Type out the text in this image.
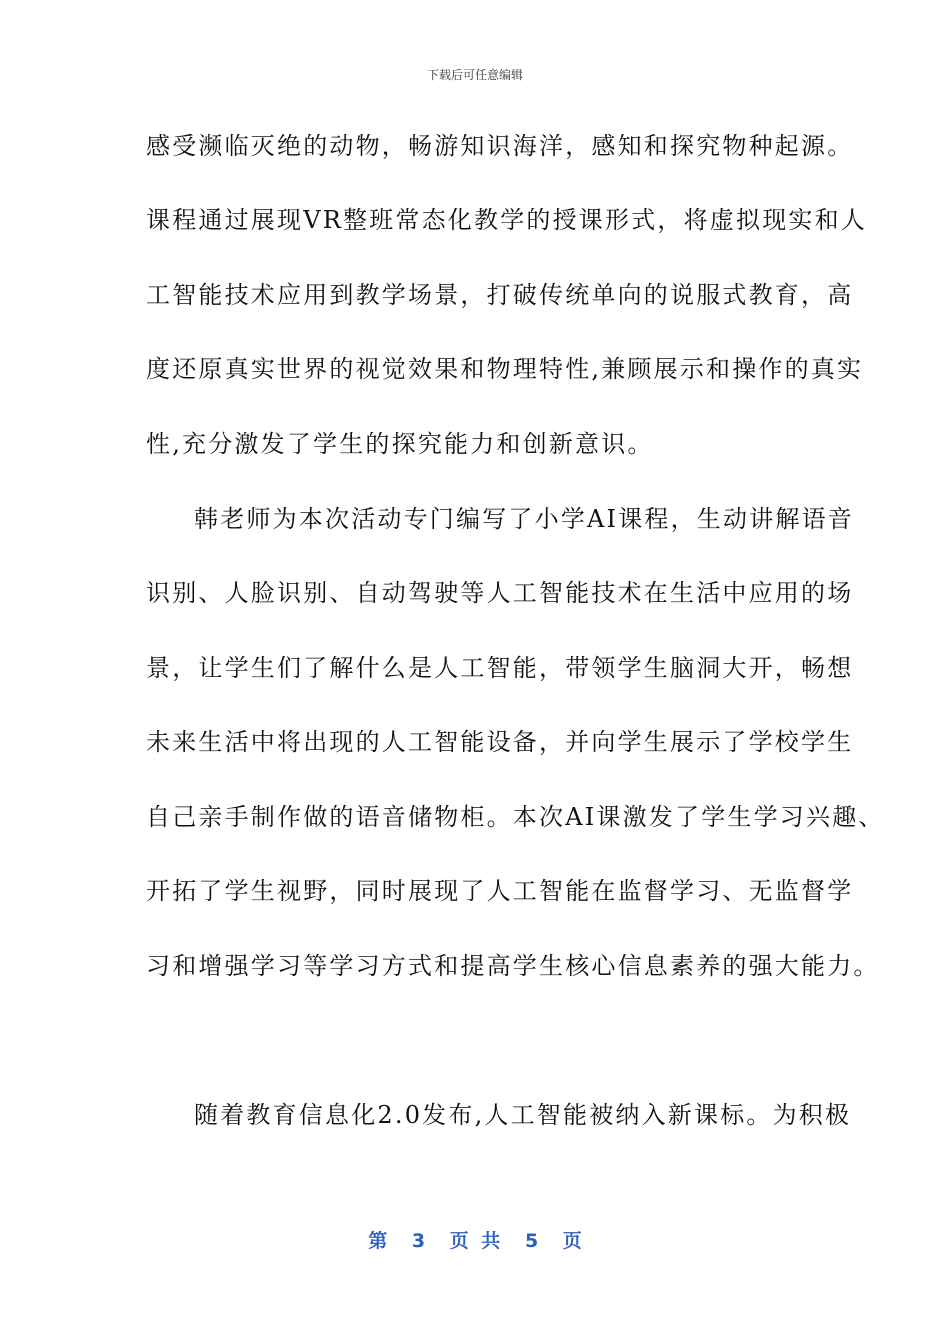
下载后可任意编辑
感受濒临灭绝的动物，畅游知识海洋，感知和探究物种起源。
课程通过展现VR整班常态化教学的授课形式，将虚拟现实和人
工智能技术应用到教学场景，打破传统单向的说服式教育，高
度还原真实世界的视觉效果和物理特性,兼顾展示和操作的真实
性,充分激发了学生的探究能力和创新意识。
韩老师为本次活动专门编写了小学AI课程，生动讲解语音
识别、人脸识别、自动驾驶等人工智能技术在生活中应用的场
景，让学生们了解什么是人工智能，带领学生脑洞大开，畅想
未来生活中将出现的人工智能设备，并向学生展示了学校学生
自己亲手制作做的语音储物柜。本次AI课激发了学生学习兴趣、
开拓了学生视野，同时展现了人工智能在监督学习、无监督学
习和增强学习等学习方式和提高学生核心信息素养的强大能力。
随着教育信息化2.0发布,人工智能被纳入新课标。为积极
第 3 页 共 5 页
